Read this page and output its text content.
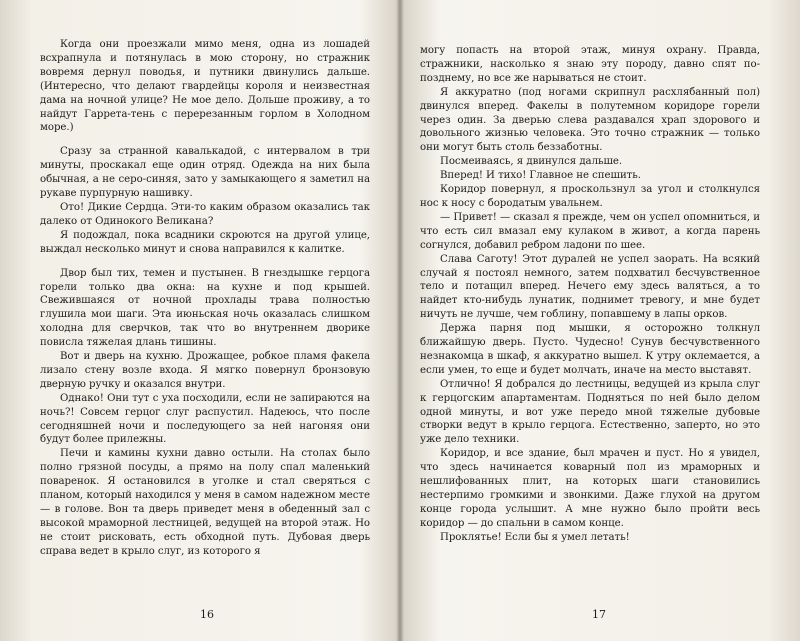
Когда они проезжали мимо меня, одна из лошадей всхрапнула и потянулась в мою сторону, но стражник вовремя дернул поводья, и путники двинулись дальше. (Интересно, что делают гвардейцы короля и неизвестная дама на ночной улице? Не мое дело. Дольше проживу, а то найдут Гаррета-тень с перерезанным горлом в Холодном море.)

Сразу за странной кавалькадой, с интервалом в три минуты, проскакал еще один отряд. Одежда на них была обычная, а не серо-синяя, зато у замыкающего я заметил на рукаве пурпурную нашивку.

Ото! Дикие Сердца. Эти-то каким образом оказались так далеко от Одинокого Великана?

Я подождал, пока всадники скроются на другой улице, выждал несколько минут и снова направился к калитке.

Двор был тих, темен и пустынен. В гнездышке герцога горели только два окна: на кухне и под крышей. Свежившаяся от ночной прохлады трава полностью глушила мои шаги. Эта июньская ночь оказалась слишком холодна для сверчков, так что во внутреннем дворике повисла тяжелая длань тишины.

Вот и дверь на кухню. Дрожащее, робкое пламя факела лизало стену возле входа. Я мягко повернул бронзовую дверную ручку и оказался внутри.

Однако! Они тут с уха посходили, если не запираются на ночь?! Совсем герцог слуг распустил. Надеюсь, что после сегодняшней ночи и последующего за ней нагоняя они будут более прилежны.

Печи и камины кухни давно остыли. На столах было полно грязной посуды, а прямо на полу спал маленький поваренок. Я остановился в уголке и стал сверяться с планом, который находился у меня в самом надежном месте — в голове. Вон та дверь приведет меня в обеденный зал с высокой мраморной лестницей, ведущей на второй этаж. Но не стоит рисковать, есть обходной путь. Дубовая дверь справа ведет в крыло слуг, из которого я

могу попасть на второй этаж, минуя охрану. Правда, стражники, насколько я знаю эту породу, давно спят по-позднему, но все же нарываться не стоит.

Я аккуратно (под ногами скрипнул расхлябанный пол) двинулся вперед. Факелы в полутемном коридоре горели через один. За дверью слева раздавался храп здорового и довольного жизнью человека. Это точно стражник — только они могут быть столь беззаботны.

Посмеиваясь, я двинулся дальше.

Вперед! И тихо! Главное не спешить.

Коридор повернул, я проскользнул за угол и столкнулся нос к носу с бородатым увальнем.

— Привет! — сказал я прежде, чем он успел опомниться, и что есть сил вмазал ему кулаком в живот, а когда парень согнулся, добавил ребром ладони по шее.

Слава Саготу! Этот дуралей не успел заорать. На всякий случай я постоял немного, затем подхватил бесчувственное тело и потащил вперед. Нечего ему здесь валяться, а то найдет кто-нибудь лунатик, поднимет тревогу, и мне будет ничуть не лучше, чем гоблину, попавшему в лапы орков.

Держа парня под мышки, я осторожно толкнул ближайшую дверь. Пусто. Чудесно! Сунув бесчувственного незнакомца в шкаф, я аккуратно вышел. К утру оклемается, а если умен, то еще и будет молчать, иначе на место выставят.

Отлично! Я добрался до лестницы, ведущей из крыла слуг к герцогским апартаментам. Подняться по ней было делом одной минуты, и вот уже передо мной тяжелые дубовые створки ведут в крыло герцога. Естественно, заперто, но это уже дело техники.

Коридор, и все здание, был мрачен и пуст. Но я увидел, что здесь начинается коварный пол из мраморных и нешлифованных плит, на которых шаги становились нестерпимо громкими и звонкими. Даже глухой на другом конце города услышит. А мне нужно было пройти весь коридор — до спальни в самом конце.

Проклятье! Если бы я умел летать!

16	17
